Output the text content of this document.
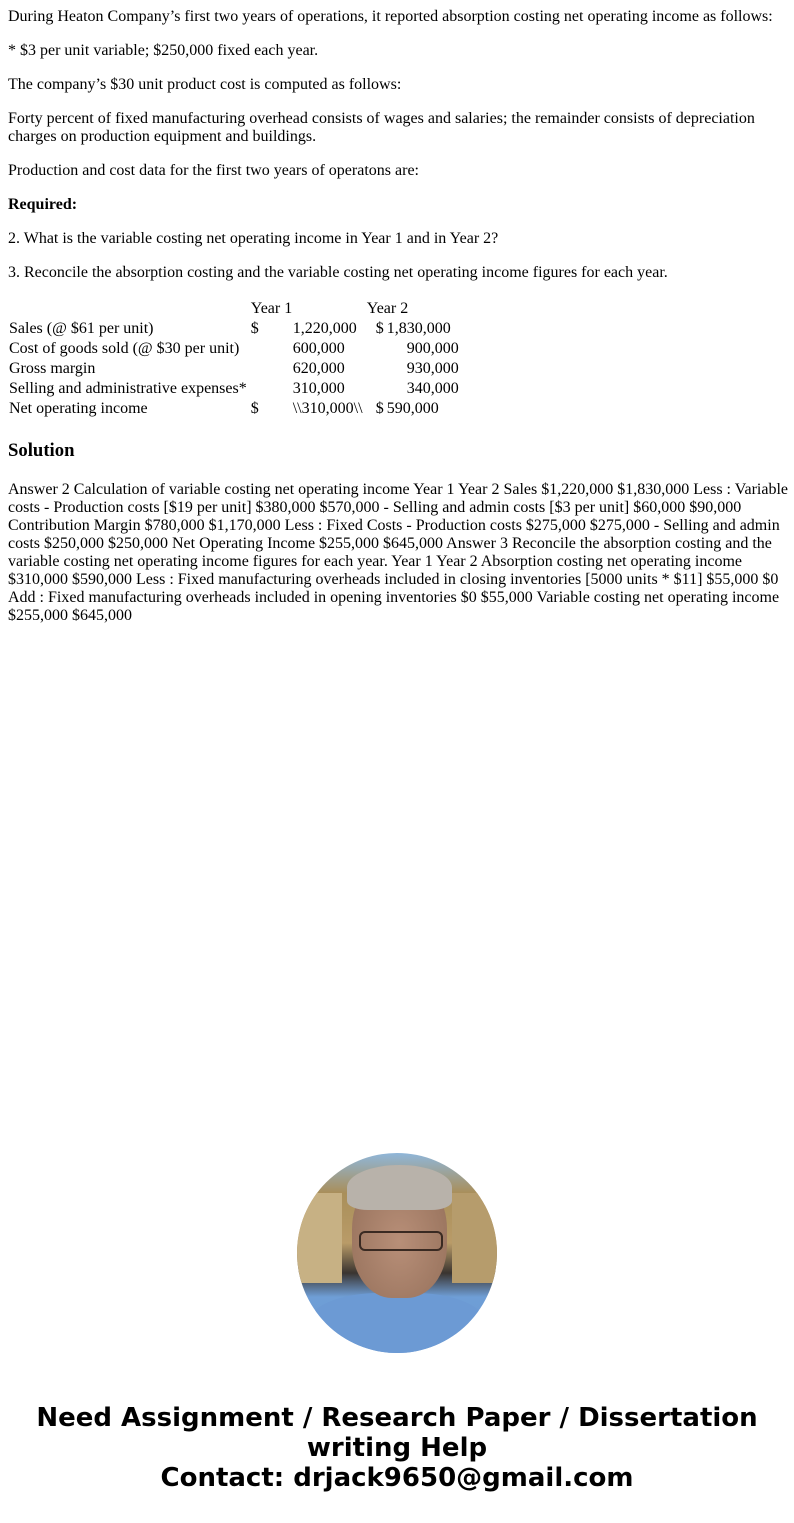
During Heaton Company’s first two years of operations, it reported absorption costing net operating income as follows:

* $3 per unit variable; $250,000 fixed each year.

The company’s $30 unit product cost is computed as follows:

Forty percent of fixed manufacturing overhead consists of wages and salaries; the remainder consists of depreciation charges on production equipment and buildings.

Production and cost data for the first two years of operatons are:

Required:

2. What is the variable costing net operating income in Year 1 and in Year 2?

3. Reconcile the absorption costing and the variable costing net operating income figures for each year.

	Year 1		Year 2	
Sales (@ $61 per unit)	$	1,220,000	$	1,830,000
Cost of goods sold (@ $30 per unit)		600,000		900,000
Gross margin		620,000		930,000
Selling and administrative expenses*		310,000		340,000
Net operating income	$	\\310,000\\	$	590,000
Solution

Answer 2 Calculation of variable costing net operating income Year 1 Year 2 Sales $1,220,000 $1,830,000 Less : Variable costs - Production costs [$19 per unit] $380,000 $570,000 - Selling and admin costs [$3 per unit] $60,000 $90,000 Contribution Margin $780,000 $1,170,000 Less : Fixed Costs - Production costs $275,000 $275,000 - Selling and admin costs $250,000 $250,000 Net Operating Income $255,000 $645,000 Answer 3 Reconcile the absorption costing and the variable costing net operating income figures for each year. Year 1 Year 2 Absorption costing net operating income $310,000 $590,000 Less : Fixed manufacturing overheads included in closing inventories [5000 units * $11] $55,000 $0 Add : Fixed manufacturing overheads included in opening inventories $0 $55,000 Variable costing net operating income $255,000 $645,000

Need Assignment / Research Paper / Dissertation
writing Help
Contact: drjack9650@gmail.com
